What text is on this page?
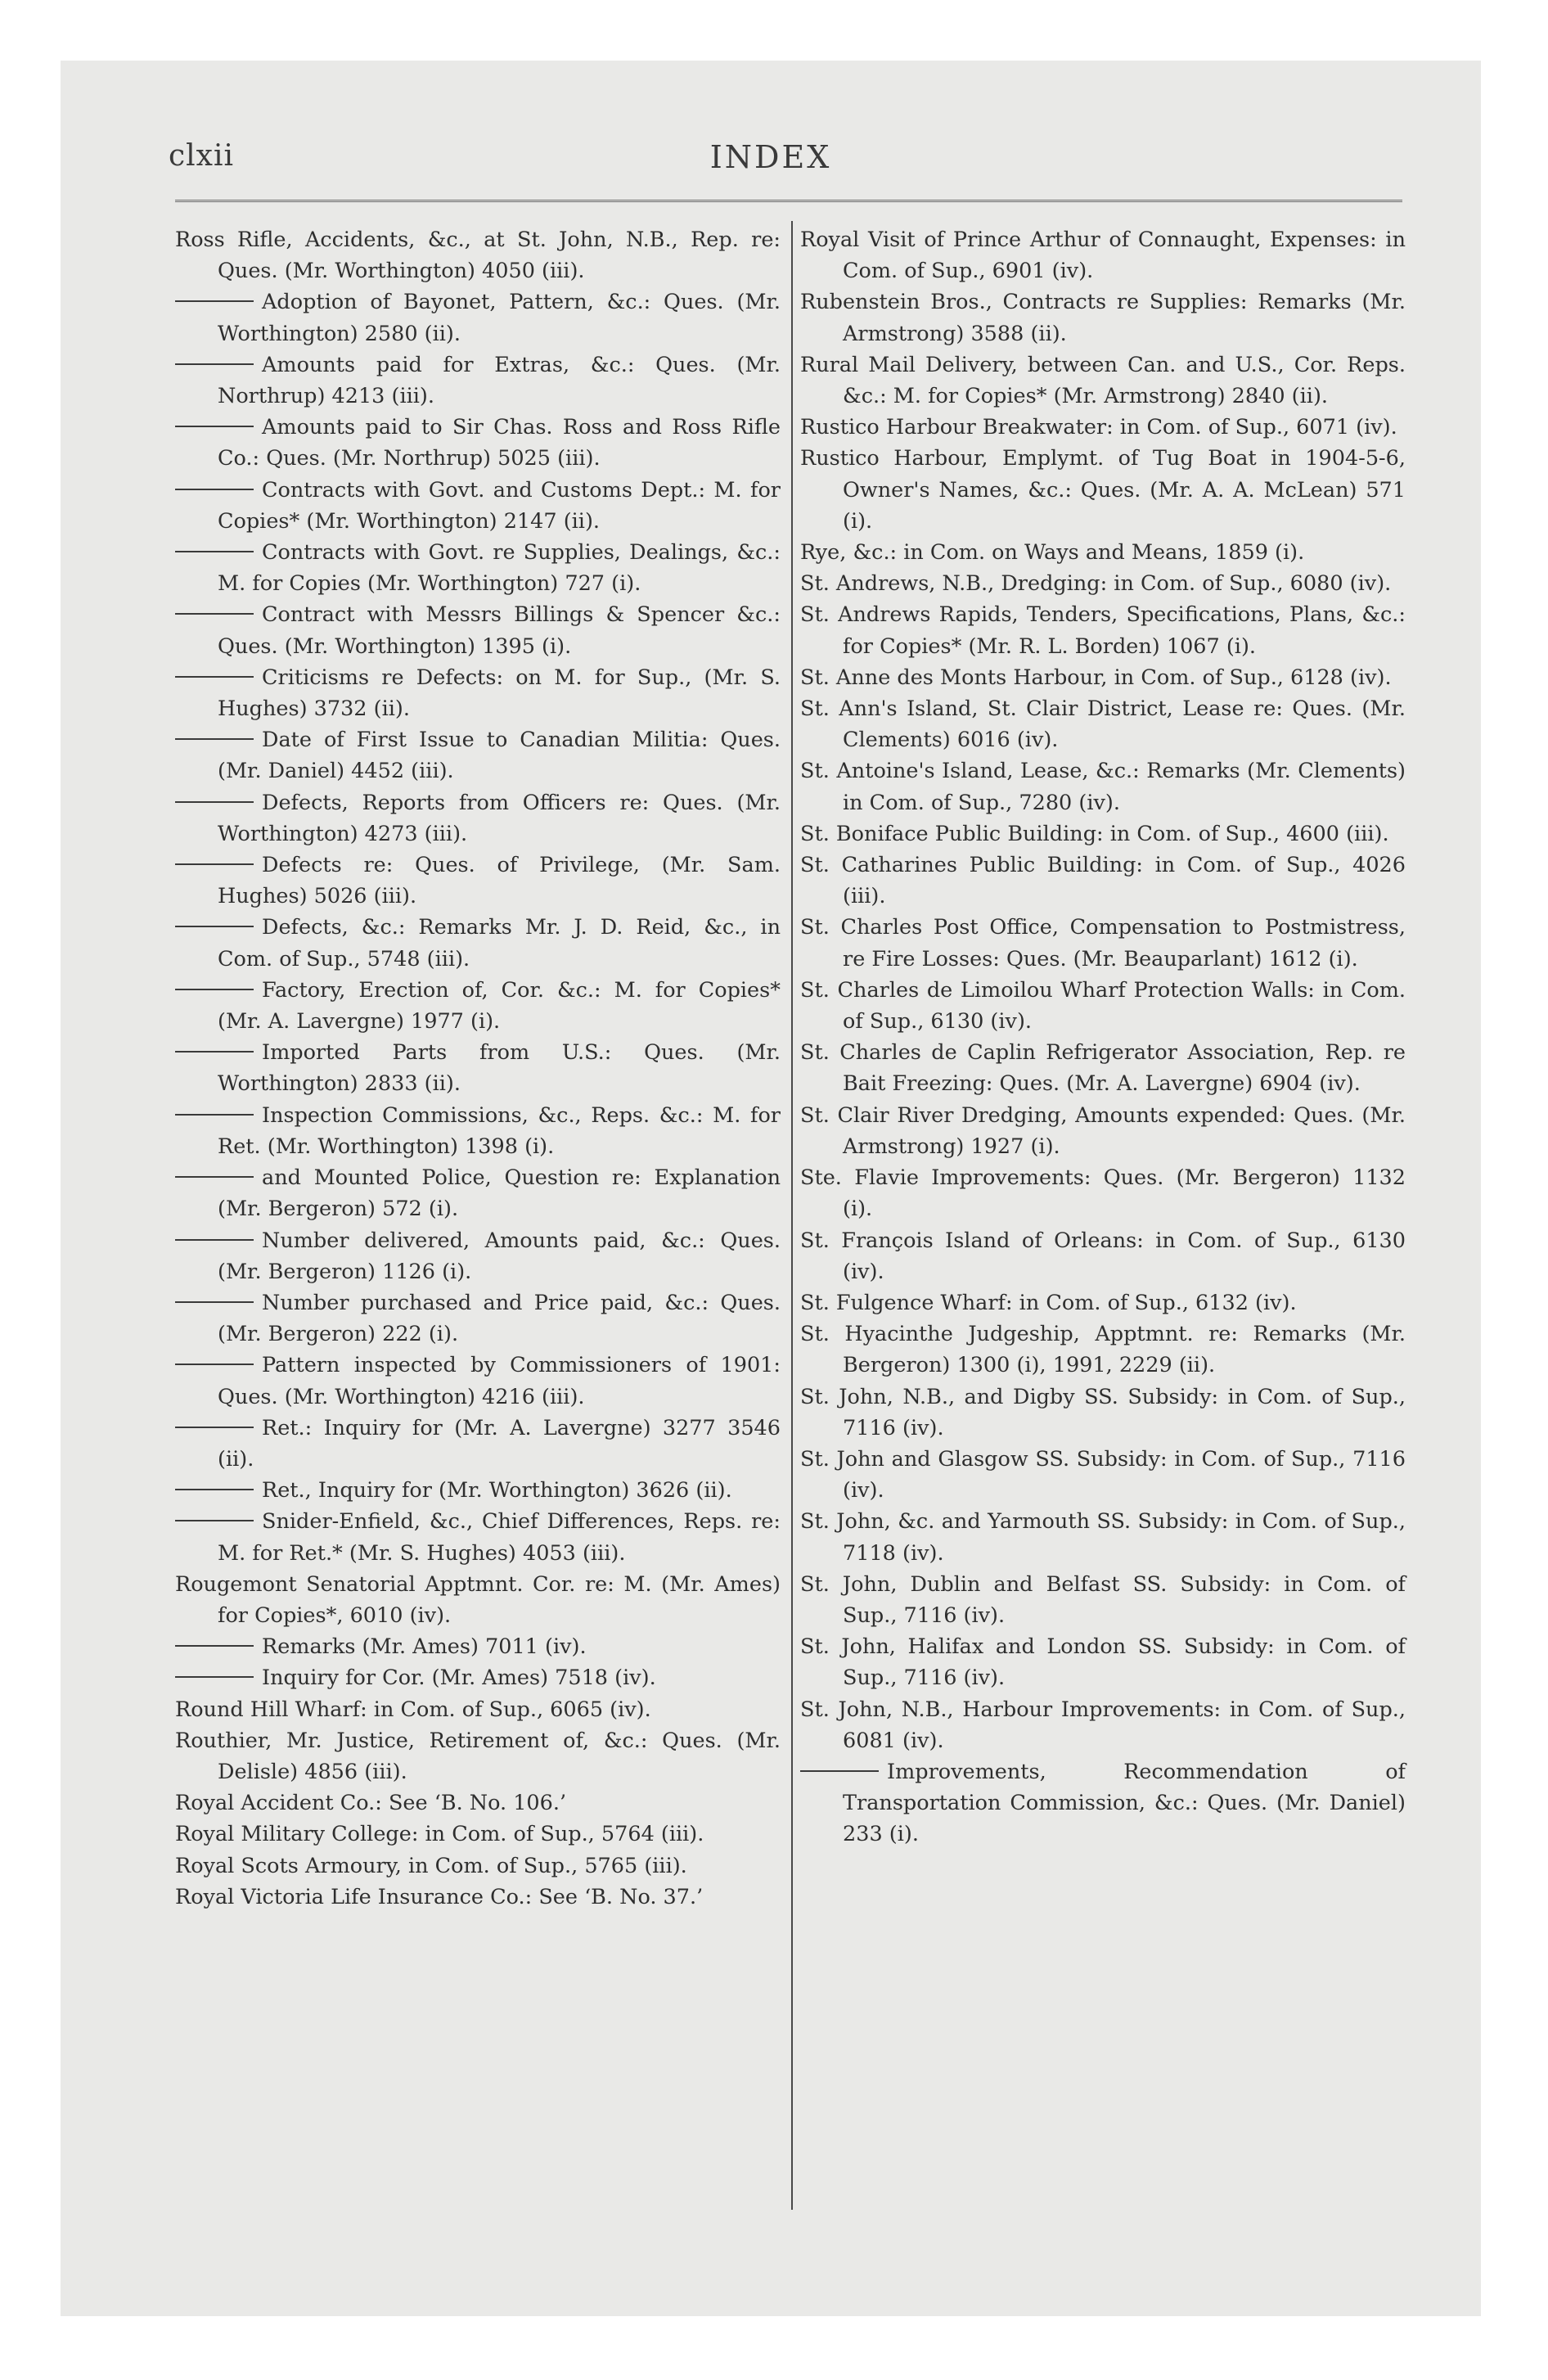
clxii	INDEX
Ross Rifle, Accidents, &c., at St. John, N.B., Rep. re: Ques. (Mr. Worthington) 4050 (iii).
Adoption of Bayonet, Pattern, &c.: Ques. (Mr. Worthington) 2580 (ii).
Amounts paid for Extras, &c.: Ques. (Mr. Northrup) 4213 (iii).
Amounts paid to Sir Chas. Ross and Ross Rifle Co.: Ques. (Mr. Northrup) 5025 (iii).
Contracts with Govt. and Customs Dept.: M. for Copies* (Mr. Worthington) 2147 (ii).
Contracts with Govt. re Supplies, Dealings, &c.: M. for Copies (Mr. Worthington) 727 (i).
Contract with Messrs Billings & Spencer &c.: Ques. (Mr. Worthington) 1395 (i).
Criticisms re Defects: on M. for Sup., (Mr. S. Hughes) 3732 (ii).
Date of First Issue to Canadian Militia: Ques. (Mr. Daniel) 4452 (iii).
Defects, Reports from Officers re: Ques. (Mr. Worthington) 4273 (iii).
Defects re: Ques. of Privilege, (Mr. Sam. Hughes) 5026 (iii).
Defects, &c.: Remarks Mr. J. D. Reid, &c., in Com. of Sup., 5748 (iii).
Factory, Erection of, Cor. &c.: M. for Copies* (Mr. A. Lavergne) 1977 (i).
Imported Parts from U.S.: Ques. (Mr. Worthington) 2833 (ii).
Inspection Commissions, &c., Reps. &c.: M. for Ret. (Mr. Worthington) 1398 (i).
and Mounted Police, Question re: Explanation (Mr. Bergeron) 572 (i).
Number delivered, Amounts paid, &c.: Ques. (Mr. Bergeron) 1126 (i).
Number purchased and Price paid, &c.: Ques. (Mr. Bergeron) 222 (i).
Pattern inspected by Commissioners of 1901: Ques. (Mr. Worthington) 4216 (iii).
Ret.: Inquiry for (Mr. A. Lavergne) 3277 3546 (ii).
Ret., Inquiry for (Mr. Worthington) 3626 (ii).
Snider-Enfield, &c., Chief Differences, Reps. re: M. for Ret.* (Mr. S. Hughes) 4053 (iii).
Rougemont Senatorial Apptmnt. Cor. re: M. (Mr. Ames) for Copies*, 6010 (iv).
Remarks (Mr. Ames) 7011 (iv).
Inquiry for Cor. (Mr. Ames) 7518 (iv).
Round Hill Wharf: in Com. of Sup., 6065 (iv).
Routhier, Mr. Justice, Retirement of, &c.: Ques. (Mr. Delisle) 4856 (iii).
Royal Accident Co.: See ‘B. No. 106.’
Royal Military College: in Com. of Sup., 5764 (iii).
Royal Scots Armoury, in Com. of Sup., 5765 (iii).
Royal Victoria Life Insurance Co.: See ‘B. No. 37.’
Royal Visit of Prince Arthur of Connaught, Expenses: in Com. of Sup., 6901 (iv).
Rubenstein Bros., Contracts re Supplies: Remarks (Mr. Armstrong) 3588 (ii).
Rural Mail Delivery, between Can. and U.S., Cor. Reps. &c.: M. for Copies* (Mr. Armstrong) 2840 (ii).
Rustico Harbour Breakwater: in Com. of Sup., 6071 (iv).
Rustico Harbour, Emplymt. of Tug Boat in 1904-5-6, Owner's Names, &c.: Ques. (Mr. A. A. McLean) 571 (i).
Rye, &c.: in Com. on Ways and Means, 1859 (i).
St. Andrews, N.B., Dredging: in Com. of Sup., 6080 (iv).
St. Andrews Rapids, Tenders, Specifications, Plans, &c.: for Copies* (Mr. R. L. Borden) 1067 (i).
St. Anne des Monts Harbour, in Com. of Sup., 6128 (iv).
St. Ann's Island, St. Clair District, Lease re: Ques. (Mr. Clements) 6016 (iv).
St. Antoine's Island, Lease, &c.: Remarks (Mr. Clements) in Com. of Sup., 7280 (iv).
St. Boniface Public Building: in Com. of Sup., 4600 (iii).
St. Catharines Public Building: in Com. of Sup., 4026 (iii).
St. Charles Post Office, Compensation to Postmistress, re Fire Losses: Ques. (Mr. Beauparlant) 1612 (i).
St. Charles de Limoilou Wharf Protection Walls: in Com. of Sup., 6130 (iv).
St. Charles de Caplin Refrigerator Association, Rep. re Bait Freezing: Ques. (Mr. A. Lavergne) 6904 (iv).
St. Clair River Dredging, Amounts expended: Ques. (Mr. Armstrong) 1927 (i).
Ste. Flavie Improvements: Ques. (Mr. Bergeron) 1132 (i).
St. François Island of Orleans: in Com. of Sup., 6130 (iv).
St. Fulgence Wharf: in Com. of Sup., 6132 (iv).
St. Hyacinthe Judgeship, Apptmnt. re: Remarks (Mr. Bergeron) 1300 (i), 1991, 2229 (ii).
St. John, N.B., and Digby SS. Subsidy: in Com. of Sup., 7116 (iv).
St. John and Glasgow SS. Subsidy: in Com. of Sup., 7116 (iv).
St. John, &c. and Yarmouth SS. Subsidy: in Com. of Sup., 7118 (iv).
St. John, Dublin and Belfast SS. Subsidy: in Com. of Sup., 7116 (iv).
St. John, Halifax and London SS. Subsidy: in Com. of Sup., 7116 (iv).
St. John, N.B., Harbour Improvements: in Com. of Sup., 6081 (iv).
Improvements, Recommendation of Transportation Commission, &c.: Ques. (Mr. Daniel) 233 (i).
